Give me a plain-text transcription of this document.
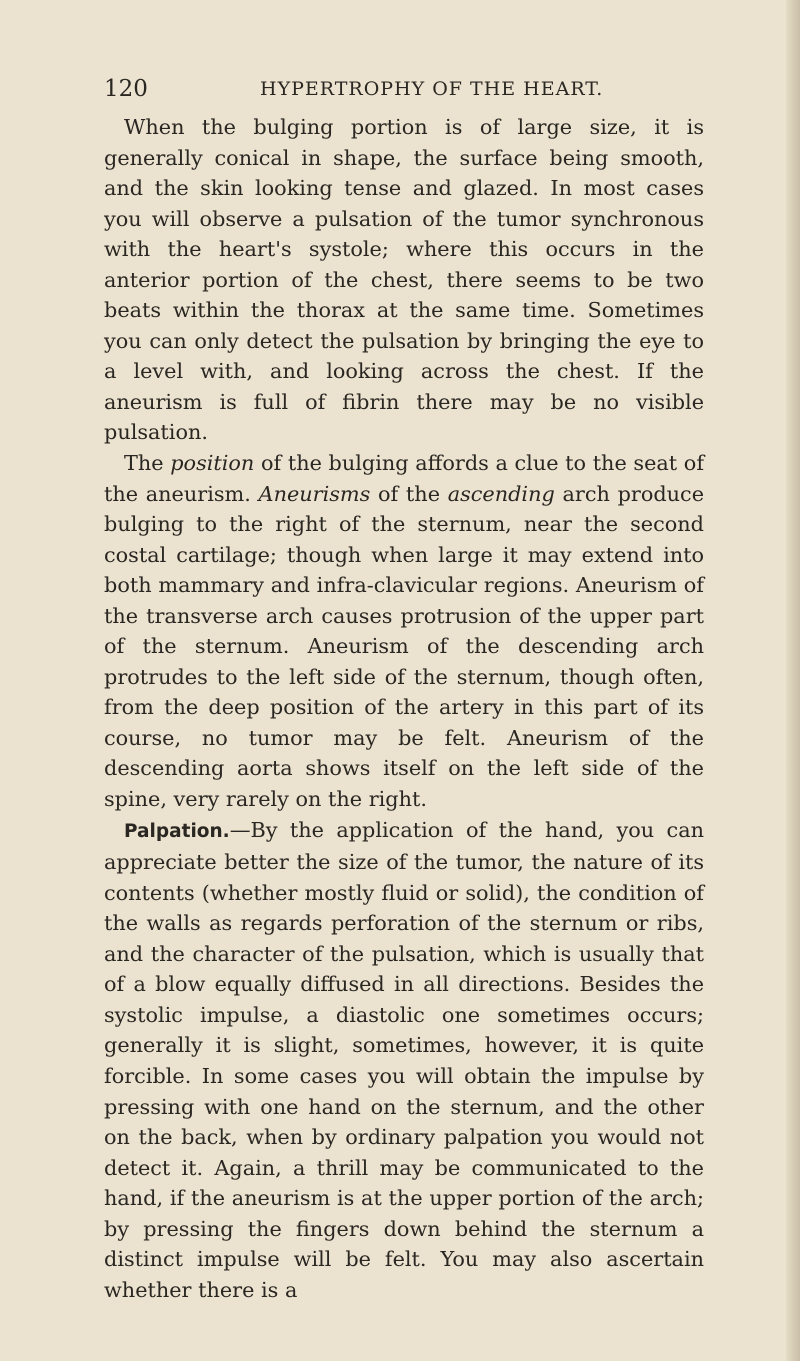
120	HYPERTROPHY OF THE HEART.

When the bulging portion is of large size, it is generally conical in shape, the surface being smooth, and the skin looking tense and glazed. In most cases you will observe a pulsation of the tumor synchronous with the heart's systole; where this occurs in the anterior portion of the chest, there seems to be two beats within the thorax at the same time. Sometimes you can only detect the pulsation by bringing the eye to a level with, and looking across the chest. If the aneurism is full of fibrin there may be no visible pulsation.

The position of the bulging affords a clue to the seat of the aneurism. Aneurisms of the ascending arch produce bulging to the right of the sternum, near the second costal cartilage; though when large it may extend into both mammary and infra-clavicular regions. Aneurism of the transverse arch causes protrusion of the upper part of the sternum. Aneurism of the descending arch protrudes to the left side of the sternum, though often, from the deep position of the artery in this part of its course, no tumor may be felt. Aneurism of the descending aorta shows itself on the left side of the spine, very rarely on the right.

Palpation.—By the application of the hand, you can appreciate better the size of the tumor, the nature of its contents (whether mostly fluid or solid), the condition of the walls as regards perforation of the sternum or ribs, and the character of the pulsation, which is usually that of a blow equally diffused in all directions. Besides the systolic impulse, a diastolic one sometimes occurs; generally it is slight, sometimes, however, it is quite forcible. In some cases you will obtain the impulse by pressing with one hand on the sternum, and the other on the back, when by ordinary palpation you would not detect it. Again, a thrill may be communicated to the hand, if the aneurism is at the upper portion of the arch; by pressing the fingers down behind the sternum a distinct impulse will be felt. You may also ascertain whether there is a
